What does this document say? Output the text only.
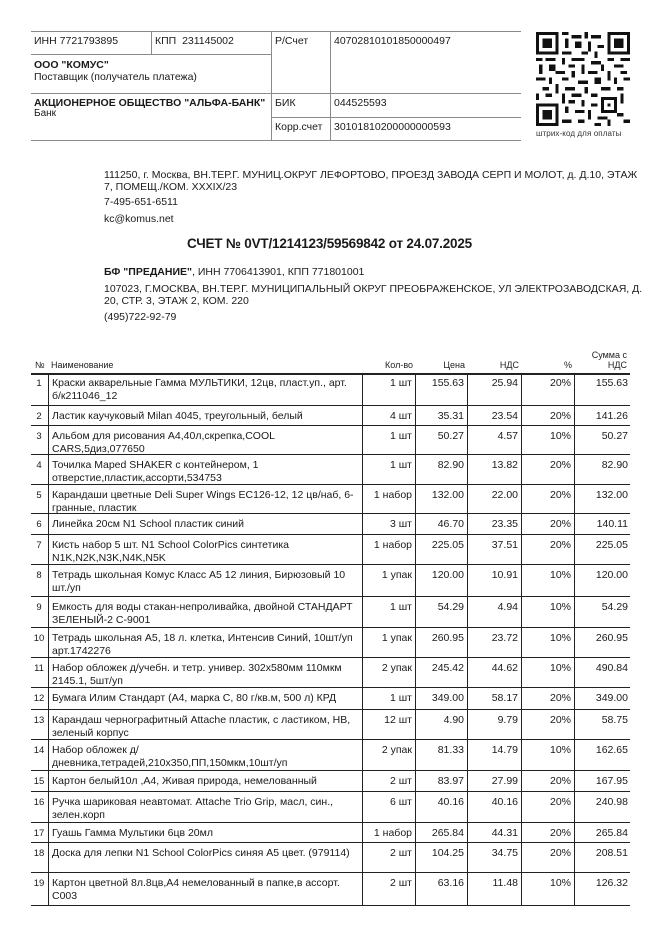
ИНН 7721793895	КПП 231145002	Р/Счет 40702810101850000497
ООО "КОМУС"
Поставщик (получатель платежа)
АКЦИОНЕРНОЕ ОБЩЕСТВО "АЛЬФА-БАНК"
Банк
БИК	044525593
Корр.счет 30101810200000000593
штрих-код для оплаты
111250, г. Москва, ВН.ТЕР.Г. МУНИЦ.ОКРУГ ЛЕФОРТОВО, ПРОЕЗД ЗАВОДА СЕРП И МОЛОТ, д. Д.10, ЭТАЖ
7, ПОМЕЩ./КОМ. XXXIX/23
7-495-651-6511
kc@komus.net
СЧЕТ № 0VT/1214123/59569842 от 24.07.2025
БФ "ПРЕДАНИЕ", ИНН 7706413901, КПП 771801001
107023, Г.МОСКВА, ВН.ТЕР.Г. МУНИЦИПАЛЬНЫЙ ОКРУГ ПРЕОБРАЖЕНСКОЕ, УЛ ЭЛЕКТРОЗАВОДСКАЯ, Д.
20, СТР. 3, ЭТАЖ 2, КОМ. 220
(495)722-92-79
№ Наименование	Кол-во	Цена	НДС	%
Сумма с
НДС
1 Краски акварельные Гамма МУЛЬТИКИ, 12цв, пласт.уп., арт. б/к211046_12
1 шт	155.63	25.94	20%	155.63
2 Ластик каучуковый Milan 4045, треугольный, белый	4 шт	35.31	23.54	20%	141.26
3 Альбом для рисования А4,40л,скрепка,COOL CARS,5диз,077650
1 шт	50.27	4.57	10%	50.27
4 Точилка Maped SHAKER с контейнером, 1 отверстие,пластик,ассорти,534753
1 шт	82.90	13.82	20%	82.90
5 Карандаши цветные Deli Super Wings EC126-12, 12 цв/наб, 6-гранные, пластик
1 набор	132.00	22.00	20%	132.00
6 Линейка 20см N1 School пластик синий	3 шт	46.70	23.35	20%	140.11
7 Кисть набор 5 шт. N1 School ColorPics синтетика N1K,N2K,N3K,N4K,N5K
1 набор	225.05	37.51	20%	225.05
8 Тетрадь школьная Комус Класс А5 12 линия, Бирюзовый 10 шт./уп
1 упак	120.00	10.91	10%	120.00
9 Емкость для воды стакан-непроливайка, двойной СТАНДАРТ ЗЕЛЕНЫЙ-2 С-9001
1 шт	54.29	4.94	10%	54.29
10 Тетрадь школьная А5, 18 л. клетка, Интенсив Синий, 10шт/уп арт.1742276
1 упак	260.95	23.72	10%	260.95
11 Набор обложек д/учебн. и тетр. универ. 302х580мм 110мкм 2145.1, 5шт/уп
2 упак	245.42	44.62	10%	490.84
12 Бумага Илим Стандарт (А4, марка С, 80 г/кв.м, 500 л) КРД	1 шт	349.00	58.17	20%	349.00
13 Карандаш чернографитный Attache пластик, с ластиком, HB, зеленый корпус
12 шт	4.90	9.79	20%	58.75
14 Набор обложек д/ дневника,тетрадей,210х350,ПП,150мкм,10шт/уп
2 упак	81.33	14.79	10%	162.65
15 Картон белый10л ,А4, Живая природа, немелованный	2 шт	83.97	27.99	20%	167.95
16 Ручка шариковая неавтомат. Attache Trio Grip, масл, син., зелен.корп
6 шт	40.16	40.16	20%	240.98
17 Гуашь Гамма Мультики 6цв 20мл	1 набор	265.84	44.31	20%	265.84
18 Доска для лепки N1 School ColorPics синяя А5 цвет. (979114)	2 шт	104.25	34.75	20%	208.51
19 Картон цветной 8л.8цв,А4 немелованный в папке,в ассорт. С003
2 шт	63.16	11.48	10%	126.32
